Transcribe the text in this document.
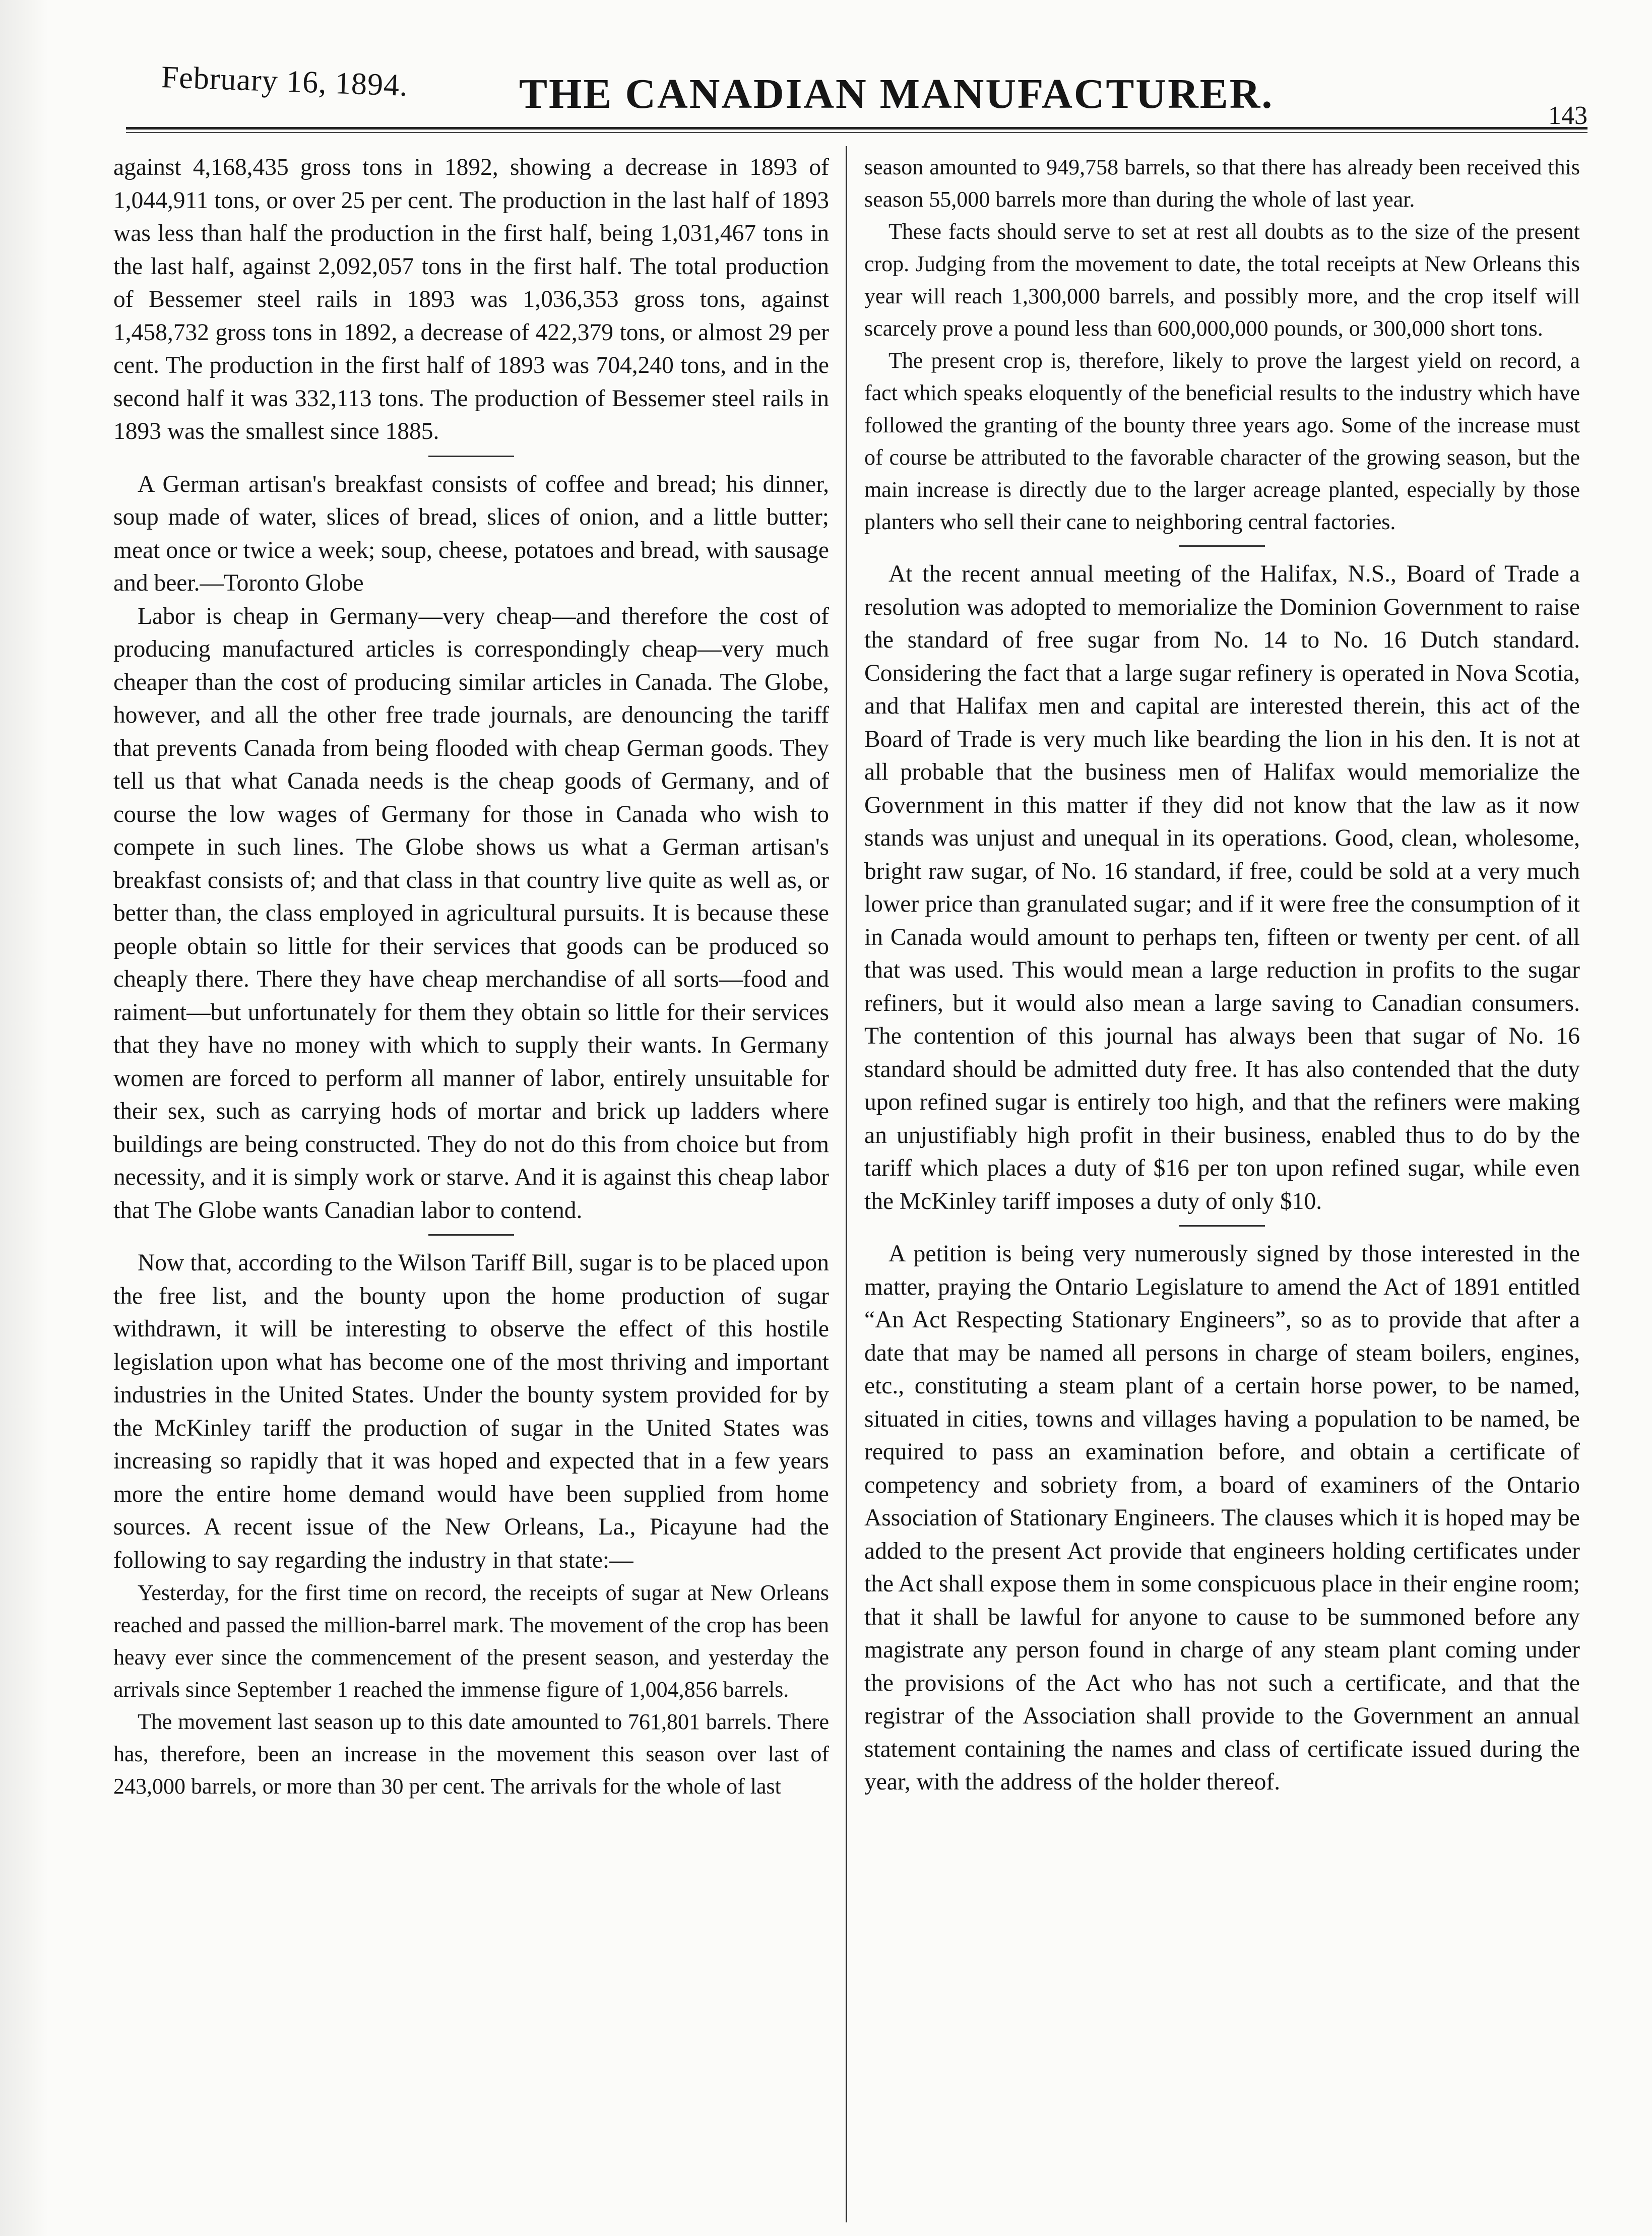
February 16, 1894.	THE CANADIAN MANUFACTURER.	143

against 4,168,435 gross tons in 1892, showing a decrease in 1893 of 1,044,911 tons, or over 25 per cent. The production in the last half of 1893 was less than half the production in the first half, being 1,031,467 tons in the last half, against 2,092,057 tons in the first half. The total production of Bessemer steel rails in 1893 was 1,036,353 gross tons, against 1,458,732 gross tons in 1892, a decrease of 422,379 tons, or almost 29 per cent. The production in the first half of 1893 was 704,240 tons, and in the second half it was 332,113 tons. The production of Bessemer steel rails in 1893 was the smallest since 1885.

A German artisan's breakfast consists of coffee and bread; his dinner, soup made of water, slices of bread, slices of onion, and a little butter; meat once or twice a week; soup, cheese, potatoes and bread, with sausage and beer.—Toronto Globe

Labor is cheap in Germany—very cheap—and therefore the cost of producing manufactured articles is correspondingly cheap—very much cheaper than the cost of producing similar articles in Canada. The Globe, however, and all the other free trade journals, are denouncing the tariff that prevents Canada from being flooded with cheap German goods. They tell us that what Canada needs is the cheap goods of Germany, and of course the low wages of Germany for those in Canada who wish to compete in such lines. The Globe shows us what a German artisan's breakfast consists of; and that class in that country live quite as well as, or better than, the class employed in agricultural pursuits. It is because these people obtain so little for their services that goods can be produced so cheaply there. There they have cheap merchandise of all sorts—food and raiment—but unfortunately for them they obtain so little for their services that they have no money with which to supply their wants. In Germany women are forced to perform all manner of labor, entirely unsuitable for their sex, such as carrying hods of mortar and brick up ladders where buildings are being constructed. They do not do this from choice but from necessity, and it is simply work or starve. And it is against this cheap labor that The Globe wants Canadian labor to contend.

Now that, according to the Wilson Tariff Bill, sugar is to be placed upon the free list, and the bounty upon the home production of sugar withdrawn, it will be interesting to observe the effect of this hostile legislation upon what has become one of the most thriving and important industries in the United States. Under the bounty system provided for by the McKinley tariff the production of sugar in the United States was increasing so rapidly that it was hoped and expected that in a few years more the entire home demand would have been supplied from home sources. A recent issue of the New Orleans, La., Picayune had the following to say regarding the industry in that state:—

Yesterday, for the first time on record, the receipts of sugar at New Orleans reached and passed the million-barrel mark. The movement of the crop has been heavy ever since the commencement of the present season, and yesterday the arrivals since September 1 reached the immense figure of 1,004,856 barrels.

The movement last season up to this date amounted to 761,801 barrels. There has, therefore, been an increase in the movement this season over last of 243,000 barrels, or more than 30 per cent. The arrivals for the whole of last

season amounted to 949,758 barrels, so that there has already been received this season 55,000 barrels more than during the whole of last year.

These facts should serve to set at rest all doubts as to the size of the present crop. Judging from the movement to date, the total receipts at New Orleans this year will reach 1,300,000 barrels, and possibly more, and the crop itself will scarcely prove a pound less than 600,000,000 pounds, or 300,000 short tons.

The present crop is, therefore, likely to prove the largest yield on record, a fact which speaks eloquently of the beneficial results to the industry which have followed the granting of the bounty three years ago. Some of the increase must of course be attributed to the favorable character of the growing season, but the main increase is directly due to the larger acreage planted, especially by those planters who sell their cane to neighboring central factories.

At the recent annual meeting of the Halifax, N.S., Board of Trade a resolution was adopted to memorialize the Dominion Government to raise the standard of free sugar from No. 14 to No. 16 Dutch standard. Considering the fact that a large sugar refinery is operated in Nova Scotia, and that Halifax men and capital are interested therein, this act of the Board of Trade is very much like bearding the lion in his den. It is not at all probable that the business men of Halifax would memorialize the Government in this matter if they did not know that the law as it now stands was unjust and unequal in its operations. Good, clean, wholesome, bright raw sugar, of No. 16 standard, if free, could be sold at a very much lower price than granulated sugar; and if it were free the consumption of it in Canada would amount to perhaps ten, fifteen or twenty per cent. of all that was used. This would mean a large reduction in profits to the sugar refiners, but it would also mean a large saving to Canadian consumers. The contention of this journal has always been that sugar of No. 16 standard should be admitted duty free. It has also contended that the duty upon refined sugar is entirely too high, and that the refiners were making an unjustifiably high profit in their business, enabled thus to do by the tariff which places a duty of $16 per ton upon refined sugar, while even the McKinley tariff imposes a duty of only $10.

A petition is being very numerously signed by those interested in the matter, praying the Ontario Legislature to amend the Act of 1891 entitled “An Act Respecting Stationary Engineers”, so as to provide that after a date that may be named all persons in charge of steam boilers, engines, etc., constituting a steam plant of a certain horse power, to be named, situated in cities, towns and villages having a population to be named, be required to pass an examination before, and obtain a certificate of competency and sobriety from, a board of examiners of the Ontario Association of Stationary Engineers. The clauses which it is hoped may be added to the present Act provide that engineers holding certificates under the Act shall expose them in some conspicuous place in their engine room; that it shall be lawful for anyone to cause to be summoned before any magistrate any person found in charge of any steam plant coming under the provisions of the Act who has not such a certificate, and that the registrar of the Association shall provide to the Government an annual statement containing the names and class of certificate issued during the year, with the address of the holder thereof.
